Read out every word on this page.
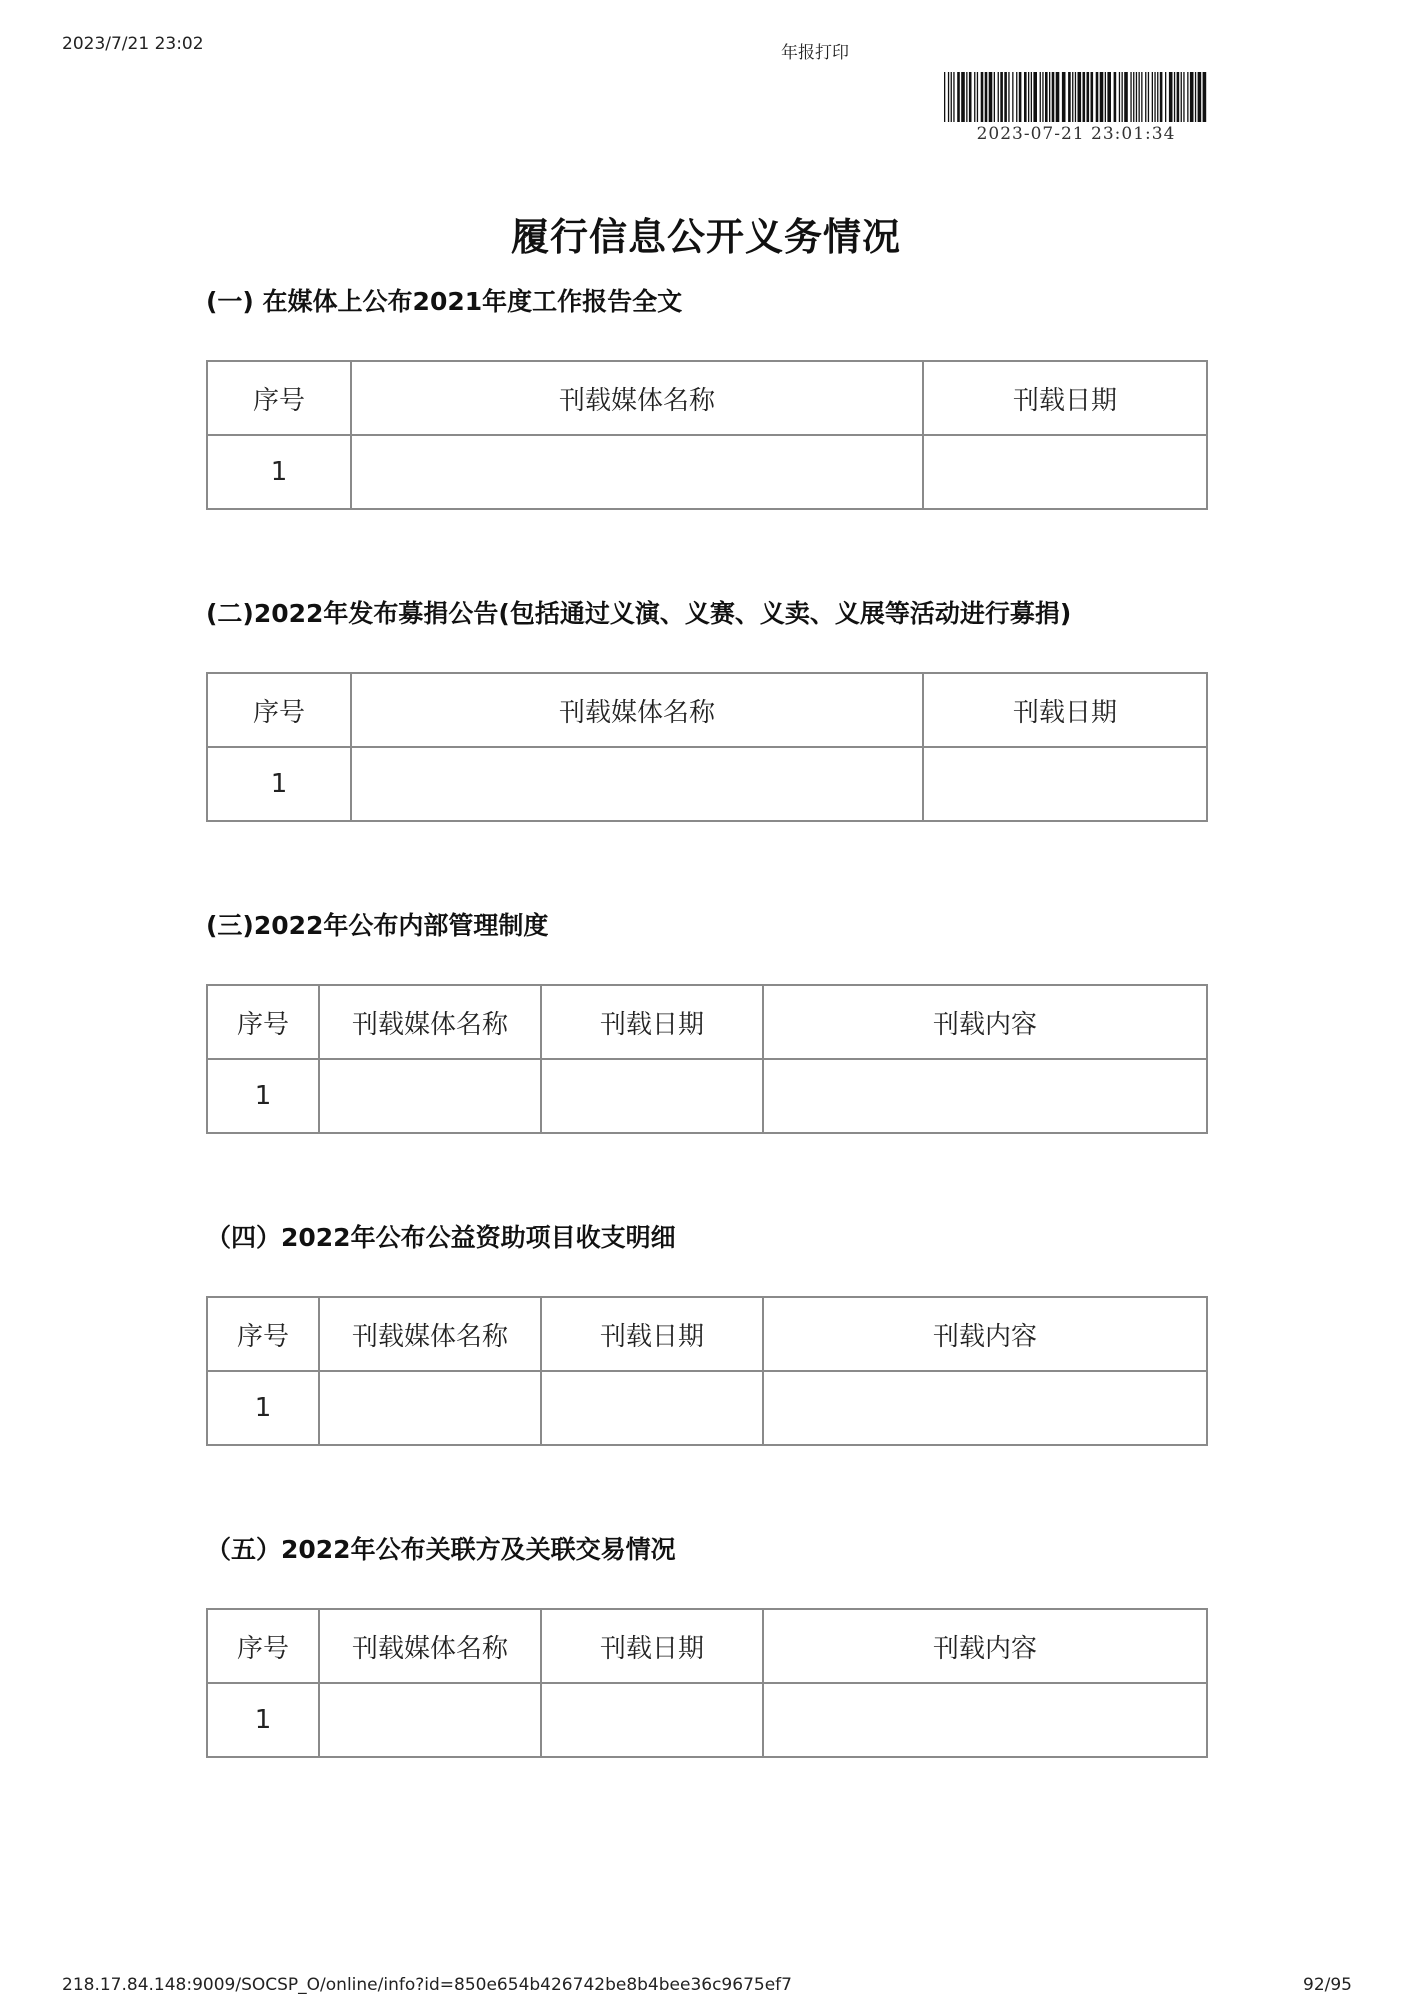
2023/7/21 23:02	年报打印
2023-07-21 23:01:34
履行信息公开义务情况
(一) 在媒体上公布2021年度工作报告全文
序号	刊载媒体名称	刊载日期
1		
(二)2022年发布募捐公告(包括通过义演、义赛、义卖、义展等活动进行募捐)
序号	刊载媒体名称	刊载日期
1		
(三)2022年公布内部管理制度
序号	刊载媒体名称	刊载日期	刊载内容
1			
（四）2022年公布公益资助项目收支明细
序号	刊载媒体名称	刊载日期	刊载内容
1			
（五）2022年公布关联方及关联交易情况
序号	刊载媒体名称	刊载日期	刊载内容
1			
218.17.84.148:9009/SOCSP_O/online/info?id=850e654b426742be8b4bee36c9675ef7	92/95
